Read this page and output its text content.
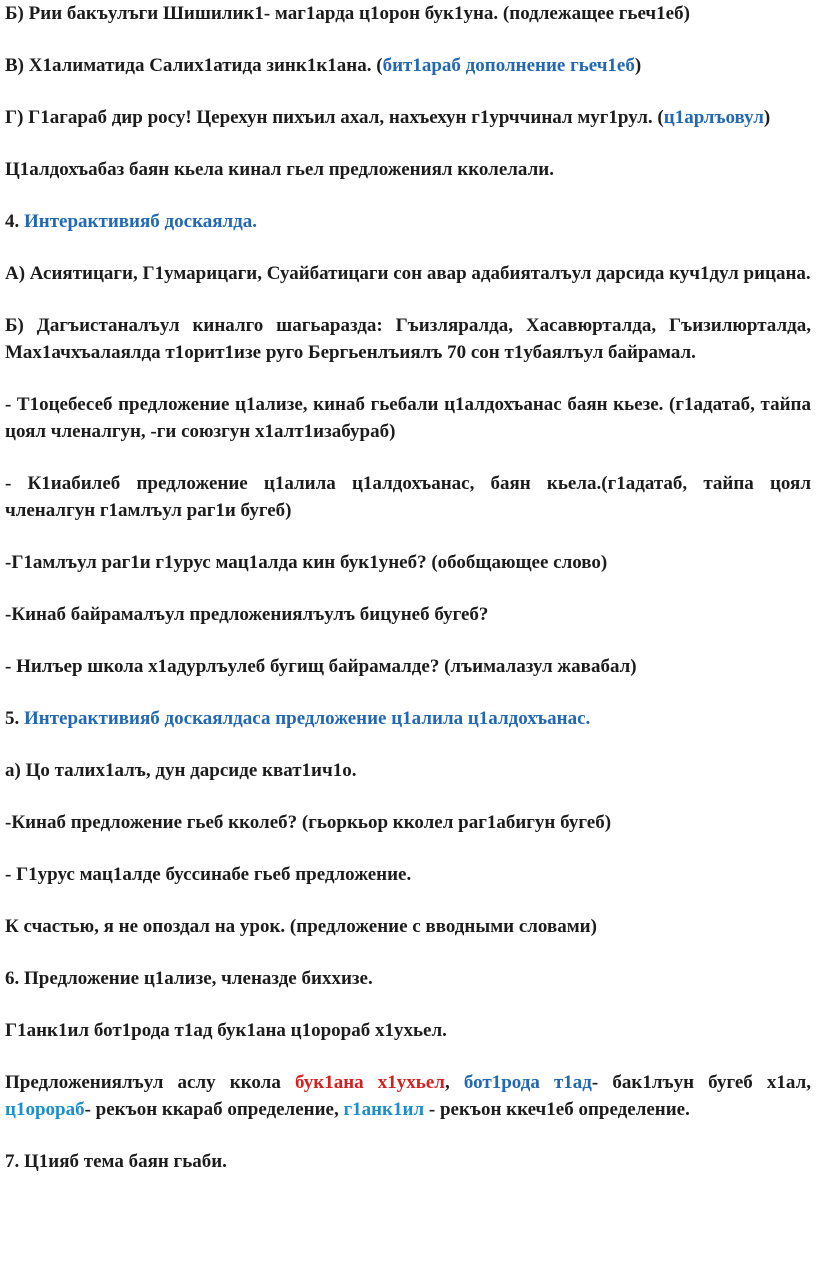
Б) Рии бакъулъги Шишилик1- маг1арда ц1орон бук1уна. (подлежащее гьеч1еб)

В) Х1алиматида Салих1атида зинк1к1ана. (бит1араб дополнение гьеч1еб)

Г) Г1агараб дир росу! Церехун пихъил ахал, нахъехун г1урччинал муг1рул. (ц1арлъовул)

Ц1алдохъабаз баян кьела кинал гьел предложениял кколелали.

4. Интерактивияб доскаялда.

А) Асиятицаги, Г1умарицаги, Суайбатицаги сон авар адабияталъул дарсида куч1дул рицана.

Б) Дагъистаналъул киналго шагьаразда: Гъизляралда, Хасавюрталда, Гъизилюрталда, Мах1ачхъалаялда т1орит1изе руго Бергьенлъиялъ 70 сон т1убаялъул байрамал.

- Т1оцебесеб предложение ц1ализе, кинаб гьебали ц1алдохъанас баян кьезе. (г1адатаб, тайпа цоял членалгун, -ги союзгун х1алт1изабураб)

- К1иабилеб предложение ц1алила ц1алдохъанас, баян кьела.(г1адатаб, тайпа цоял членалгун г1амлъул раг1и бугеб)

-Г1амлъул раг1и г1урус мац1алда кин бук1унеб? (обобщающее слово)

-Кинаб байрамалъул предложениялъулъ бицунеб бугеб?

- Нилъер школа х1адурлъулеб бугищ байрамалде? (лъималазул жавабал)

5. Интерактивияб доскаялдаса предложение ц1алила ц1алдохъанас.

а) Цо талих1алъ, дун дарсиде кват1ич1о.

-Кинаб предложение гьеб кколеб? (гьоркьор кколел раг1абигун бугеб)

- Г1урус мац1алде буссинабе гьеб предложение.

К счастью, я не опоздал на урок. (предложение с вводными словами)

6. Предложение ц1ализе, членазде биххизе.

Г1анк1ил бот1рода т1ад бук1ана ц1орораб х1ухьел.

Предложениялъул аслу ккола бук1ана х1ухьел, бот1рода т1ад- бак1лъун бугеб х1ал, ц1орораб- рекъон ккараб определение, г1анк1ил - рекъон ккеч1еб определение.

7. Ц1ияб тема баян гьаби.
